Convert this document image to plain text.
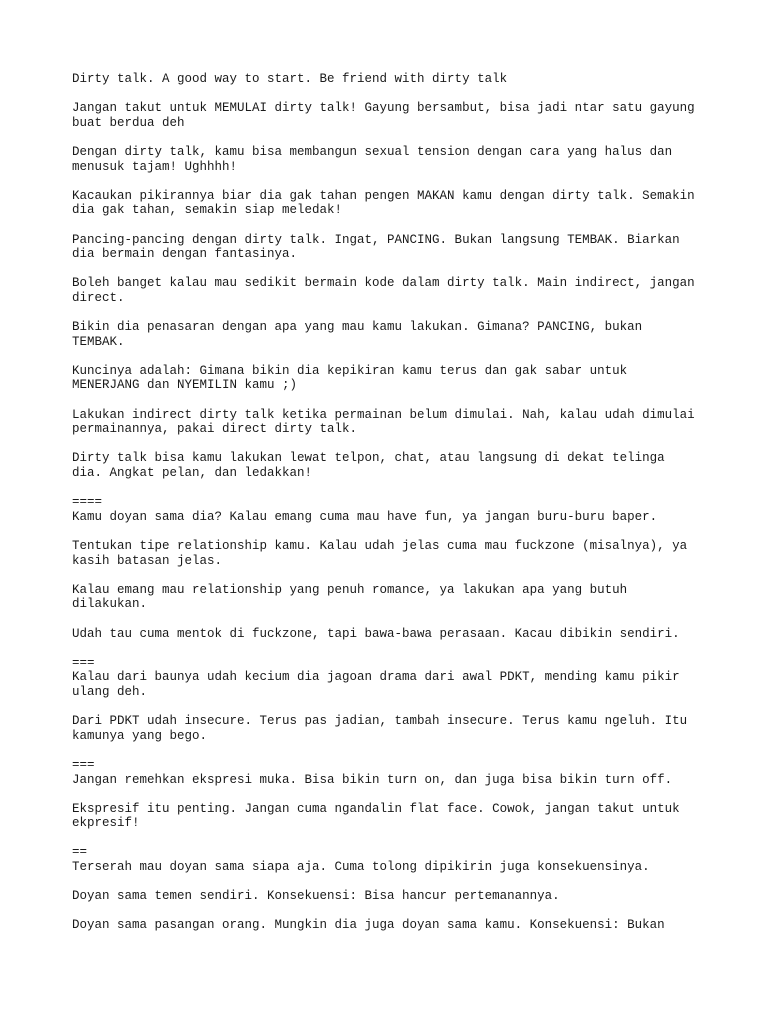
Dirty talk. A good way to start. Be friend with dirty talk

Jangan takut untuk MEMULAI dirty talk! Gayung bersambut, bisa jadi ntar satu gayung
buat berdua deh

Dengan dirty talk, kamu bisa membangun sexual tension dengan cara yang halus dan
menusuk tajam! Ughhhh!

Kacaukan pikirannya biar dia gak tahan pengen MAKAN kamu dengan dirty talk. Semakin
dia gak tahan, semakin siap meledak!

Pancing-pancing dengan dirty talk. Ingat, PANCING. Bukan langsung TEMBAK. Biarkan
dia bermain dengan fantasinya.

Boleh banget kalau mau sedikit bermain kode dalam dirty talk. Main indirect, jangan
direct.

Bikin dia penasaran dengan apa yang mau kamu lakukan. Gimana? PANCING, bukan
TEMBAK.

Kuncinya adalah: Gimana bikin dia kepikiran kamu terus dan gak sabar untuk
MENERJANG dan NYEMILIN kamu ;)

Lakukan indirect dirty talk ketika permainan belum dimulai. Nah, kalau udah dimulai
permainannya, pakai direct dirty talk.

Dirty talk bisa kamu lakukan lewat telpon, chat, atau langsung di dekat telinga
dia. Angkat pelan, dan ledakkan!

====

Kamu doyan sama dia? Kalau emang cuma mau have fun, ya jangan buru-buru baper.

Tentukan tipe relationship kamu. Kalau udah jelas cuma mau fuckzone (misalnya), ya
kasih batasan jelas.

Kalau emang mau relationship yang penuh romance, ya lakukan apa yang butuh
dilakukan.

Udah tau cuma mentok di fuckzone, tapi bawa-bawa perasaan. Kacau dibikin sendiri.

===

Kalau dari baunya udah kecium dia jagoan drama dari awal PDKT, mending kamu pikir
ulang deh.

Dari PDKT udah insecure. Terus pas jadian, tambah insecure. Terus kamu ngeluh. Itu
kamunya yang bego.

===

Jangan remehkan ekspresi muka. Bisa bikin turn on, dan juga bisa bikin turn off.

Ekspresif itu penting. Jangan cuma ngandalin flat face. Cowok, jangan takut untuk
ekpresif!

==

Terserah mau doyan sama siapa aja. Cuma tolong dipikirin juga konsekuensinya.

Doyan sama temen sendiri. Konsekuensi: Bisa hancur pertemanannya.

Doyan sama pasangan orang. Mungkin dia juga doyan sama kamu. Konsekuensi: Bukan
